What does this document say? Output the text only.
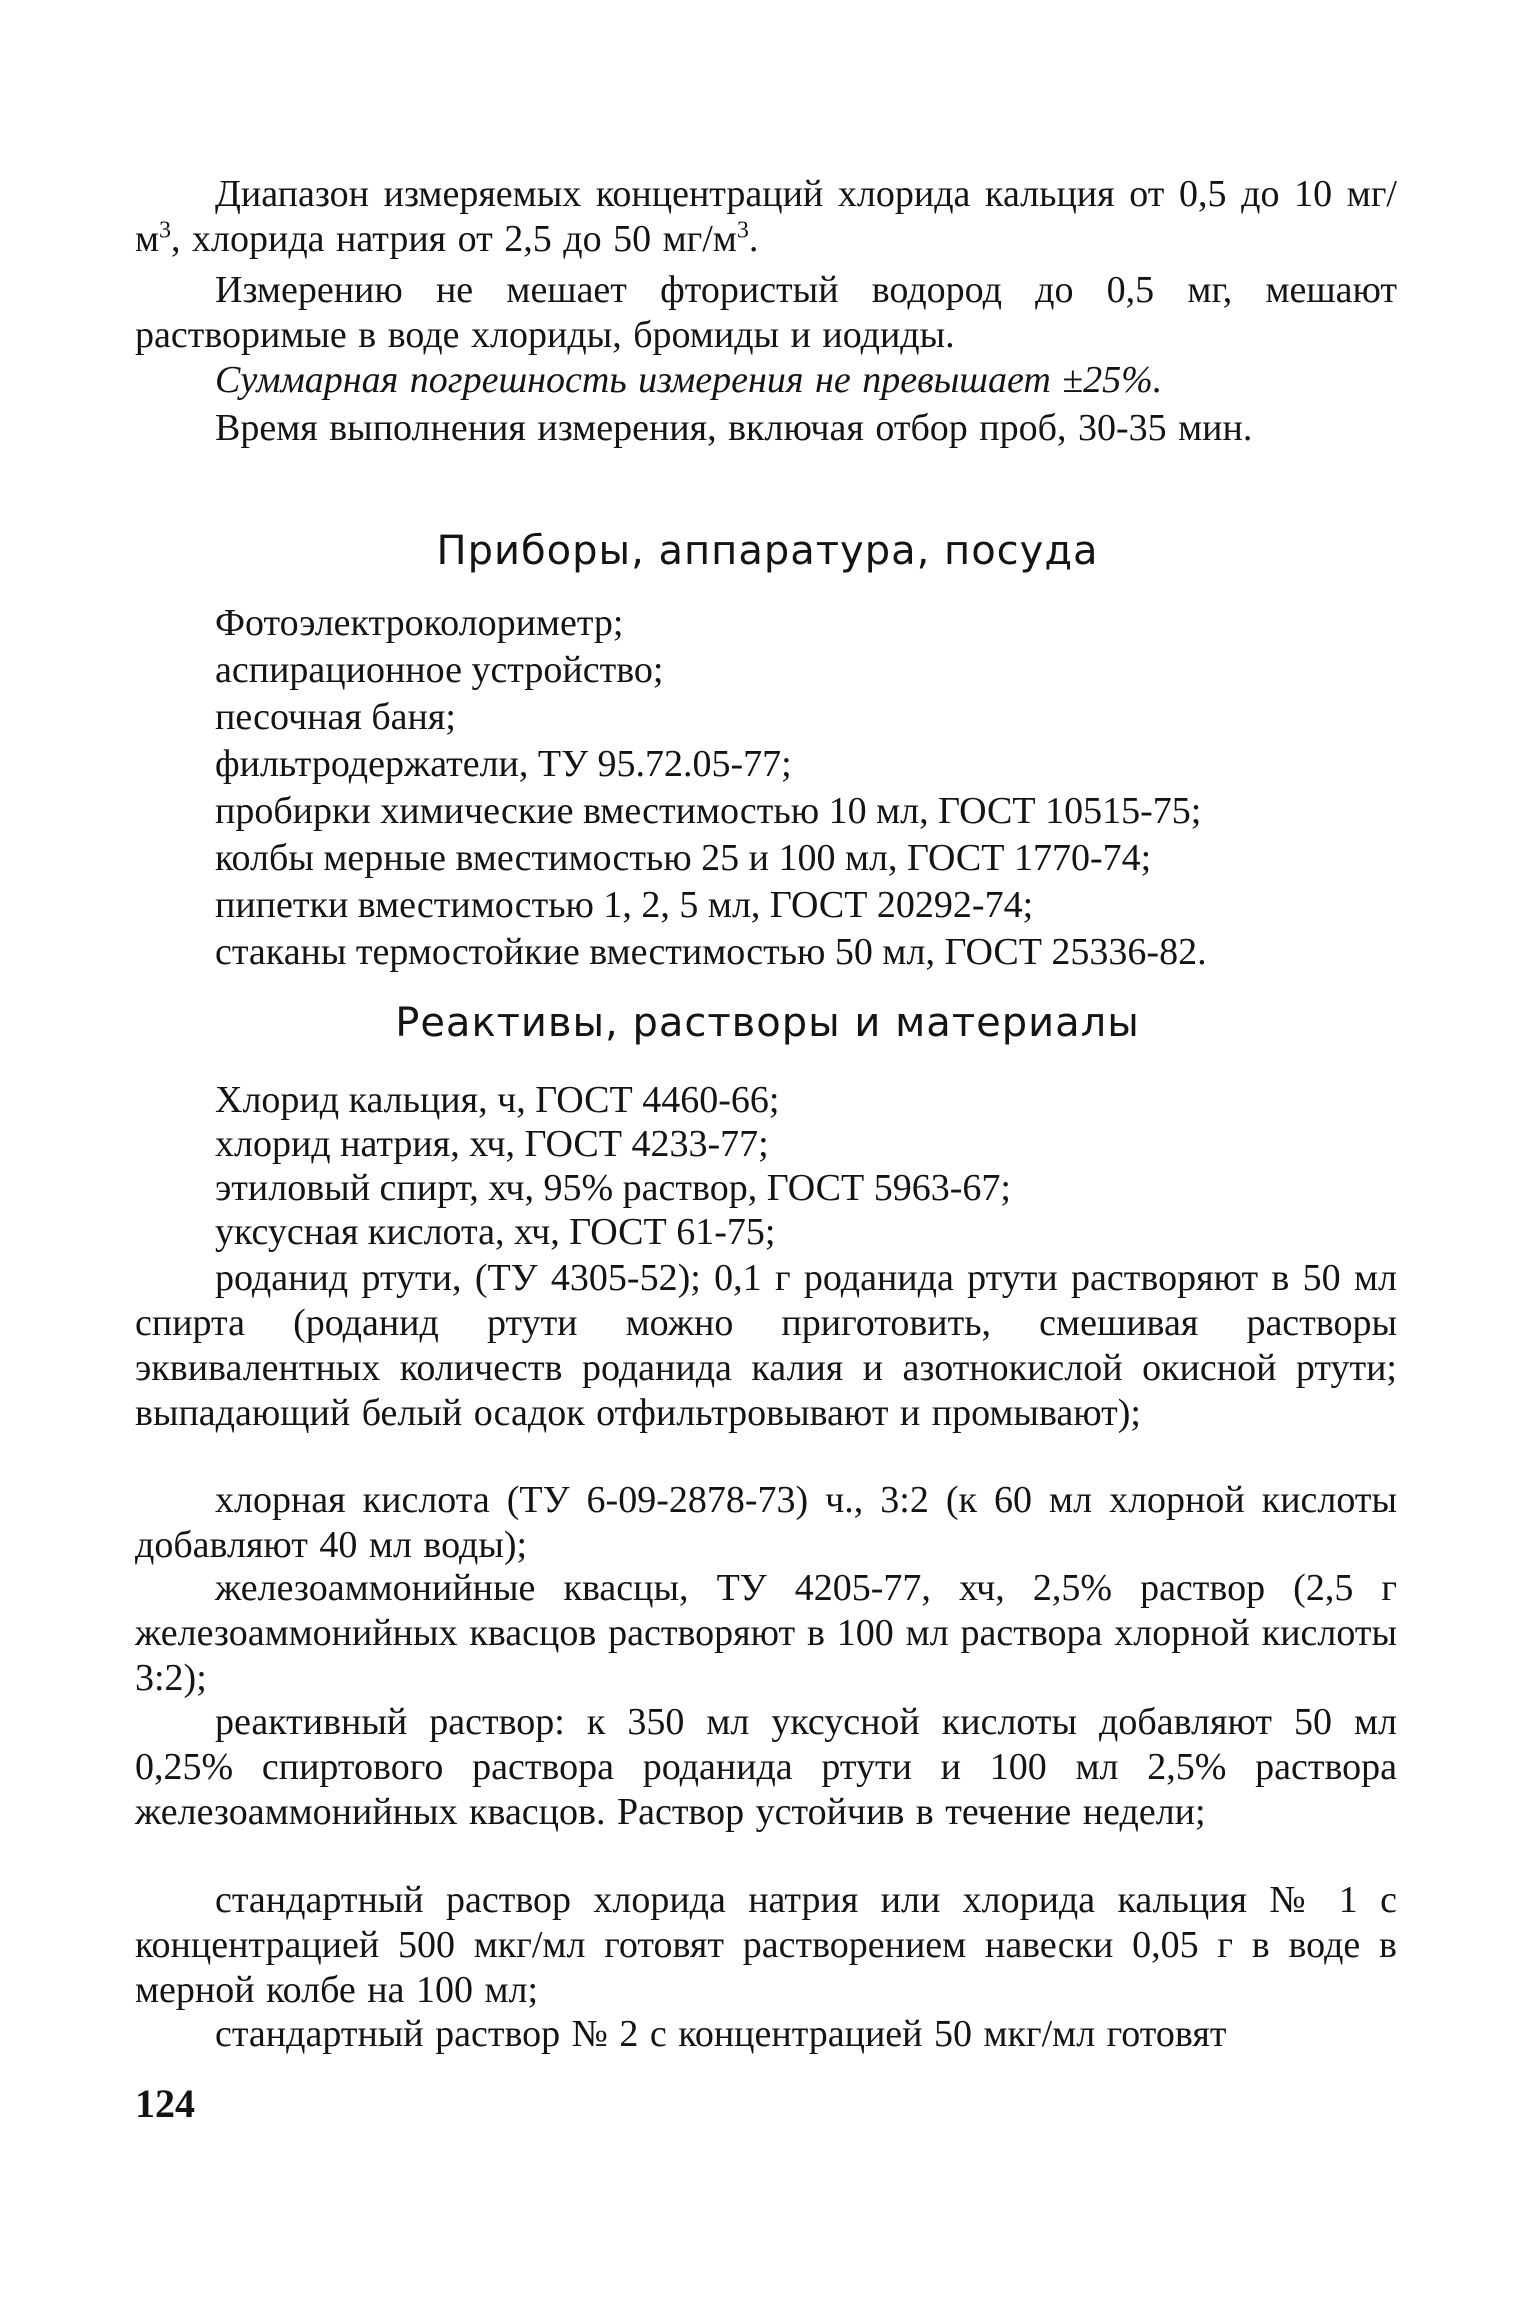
Диапазон измеряемых концентраций хлорида кальция от 0,5 до 10 $мг/м^3$, хлорида натрия от 2,5 до 50 $мг/м^3$.

Измерению не мешает фтористый водород до 0,5 мг, мешают растворимые в воде хлориды, бромиды и иодиды.

Суммарная погрешность измерения не превышает ±25%.

Время выполнения измерения, включая отбор проб, 30-35 мин.

Приборы, аппаратура, посуда
Фотоэлектроколориметр;
аспирационное устройство;
песочная баня;
фильтродержатели, ТУ 95.72.05-77;
пробирки химические вместимостью 10 мл, ГОСТ 10515-75;
колбы мерные вместимостью 25 и 100 мл, ГОСТ 1770-74;
пипетки вместимостью 1, 2, 5 мл, ГОСТ 20292-74;
стаканы термостойкие вместимостью 50 мл, ГОСТ 25336-82.
Реактивы, растворы и материалы
Хлорид кальция, ч, ГОСТ 4460-66;
хлорид натрия, хч, ГОСТ 4233-77;
этиловый спирт, хч, 95% раствор, ГОСТ 5963-67;
уксусная кислота, хч, ГОСТ 61-75;

роданид ртути, (ТУ 4305-52); 0,1 г роданида ртути растворяют в 50 мл спирта (роданид ртути можно приготовить, смешивая растворы эквивалентных количеств роданида калия и азотнокислой окисной ртути; выпадающий белый осадок отфильтровывают и промывают);

хлорная кислота (ТУ 6-09-2878-73) ч., 3:2 (к 60 мл хлорной кислоты добавляют 40 мл воды);

железоаммонийные квасцы, ТУ 4205-77, хч, 2,5% раствор (2,5 г железоаммонийных квасцов растворяют в 100 мл раствора хлорной кислоты 3:2);

реактивный раствор: к 350 мл уксусной кислоты добавляют 50 мл 0,25% спиртового раствора роданида ртути и 100 мл 2,5% раствора железоаммонийных квасцов. Раствор устойчив в течение недели;

стандартный раствор хлорида натрия или хлорида кальция № 1 с концентрацией 500 мкг/мл готовят растворением навески 0,05 г в воде в мерной колбе на 100 мл;

стандартный раствор № 2 с концентрацией 50 мкг/мл готовят

124
